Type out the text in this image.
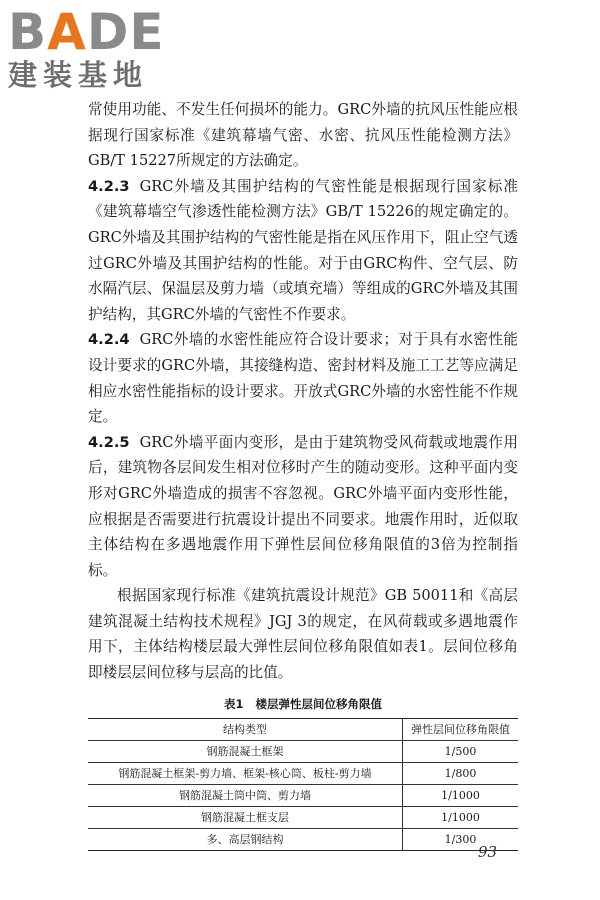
BADE
建装基地

常使用功能、不发生任何损坏的能力。GRC外墙的抗风压性能应根据现行国家标准《建筑幕墙气密、水密、抗风压性能检测方法》GB/T 15227所规定的方法确定。

4.2.3 GRC外墙及其围护结构的气密性能是根据现行国家标准《建筑幕墙空气渗透性能检测方法》GB/T 15226的规定确定的。GRC外墙及其围护结构的气密性能是指在风压作用下，阻止空气透过GRC外墙及其围护结构的性能。对于由GRC构件、空气层、防水隔汽层、保温层及剪力墙（或填充墙）等组成的GRC外墙及其围护结构，其GRC外墙的气密性不作要求。

4.2.4 GRC外墙的水密性能应符合设计要求；对于具有水密性能设计要求的GRC外墙，其接缝构造、密封材料及施工工艺等应满足相应水密性能指标的设计要求。开放式GRC外墙的水密性能不作规定。

4.2.5 GRC外墙平面内变形，是由于建筑物受风荷载或地震作用后，建筑物各层间发生相对位移时产生的随动变形。这种平面内变形对GRC外墙造成的损害不容忽视。GRC外墙平面内变形性能，应根据是否需要进行抗震设计提出不同要求。地震作用时，近似取主体结构在多遇地震作用下弹性层间位移角限值的3倍为控制指标。

根据国家现行标准《建筑抗震设计规范》GB 50011和《高层建筑混凝土结构技术规程》JGJ 3的规定，在风荷载或多遇地震作用下，主体结构楼层最大弹性层间位移角限值如表1。层间位移角即楼层层间位移与层高的比值。

表1 楼层弹性层间位移角限值
结构类型	弹性层间位移角限值
钢筋混凝土框架	1/500
钢筋混凝土框架-剪力墙、框架-核心筒、板柱-剪力墙	1/800
钢筋混凝土筒中筒、剪力墙	1/1000
钢筋混凝土框支层	1/1000
多、高层钢结构	1/300
93
